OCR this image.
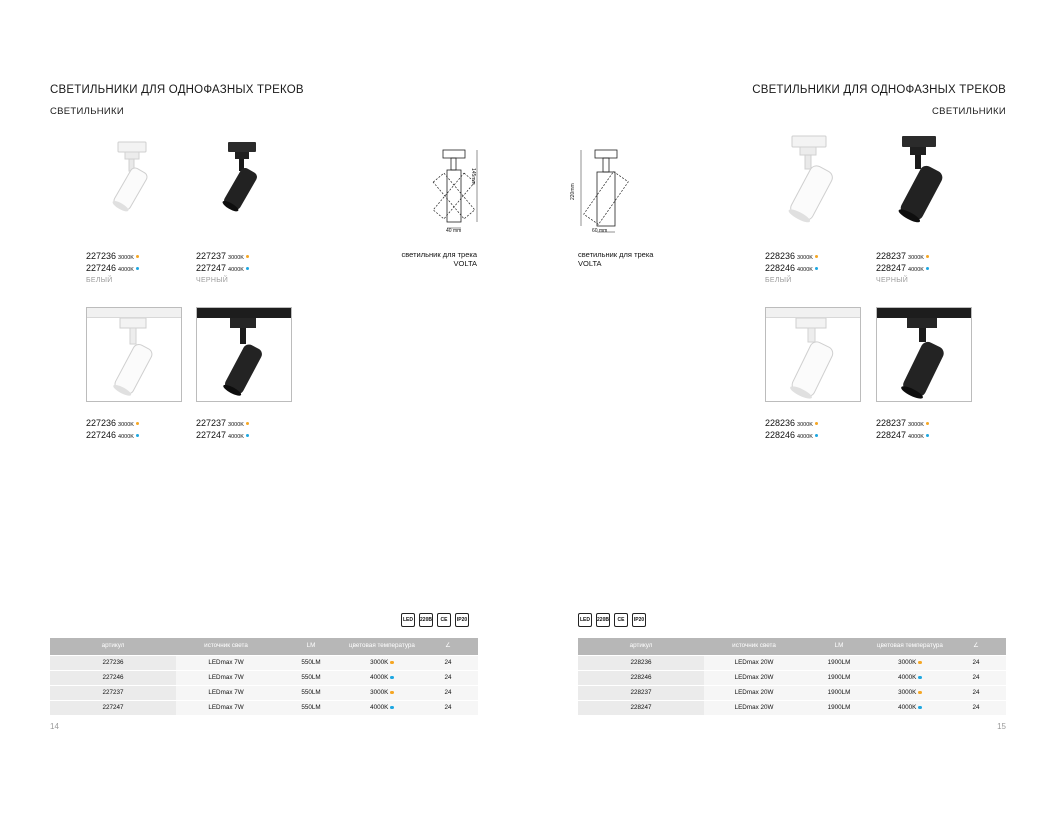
СВЕТИЛЬНИКИ ДЛЯ ОДНОФАЗНЫХ ТРЕКОВ
СВЕТИЛЬНИКИ
227236 3000K
227246 4000K
БЕЛЫЙ
227237 3000K
227247 4000K
ЧЕРНЫЙ
227236 3000K
227246 4000K
227237 3000K
227247 4000K
145mm
40 mm
светильник для трека
VOLTA
LED	220В	CE	IP20
артикул	источник света	LM	цветовая температура	∠
227236	LEDmax 7W	550LM	3000K	24
227246	LEDmax 7W	550LM	4000K	24
227237	LEDmax 7W	550LM	3000K	24
227247	LEDmax 7W	550LM	4000K	24
14
СВЕТИЛЬНИКИ ДЛЯ ОДНОФАЗНЫХ ТРЕКОВ
СВЕТИЛЬНИКИ
228236 3000K
228246 4000K
БЕЛЫЙ
228237 3000K
228247 4000K
ЧЕРНЫЙ
228236 3000K
228246 4000K
228237 3000K
228247 4000K
220mm
60 mm
светильник для трека
VOLTA
LED	220В	CE	IP20
артикул	источник света	LM	цветовая температура	∠
228236	LEDmax 20W	1900LM	3000K	24
228246	LEDmax 20W	1900LM	4000K	24
228237	LEDmax 20W	1900LM	3000K	24
228247	LEDmax 20W	1900LM	4000K	24
15
